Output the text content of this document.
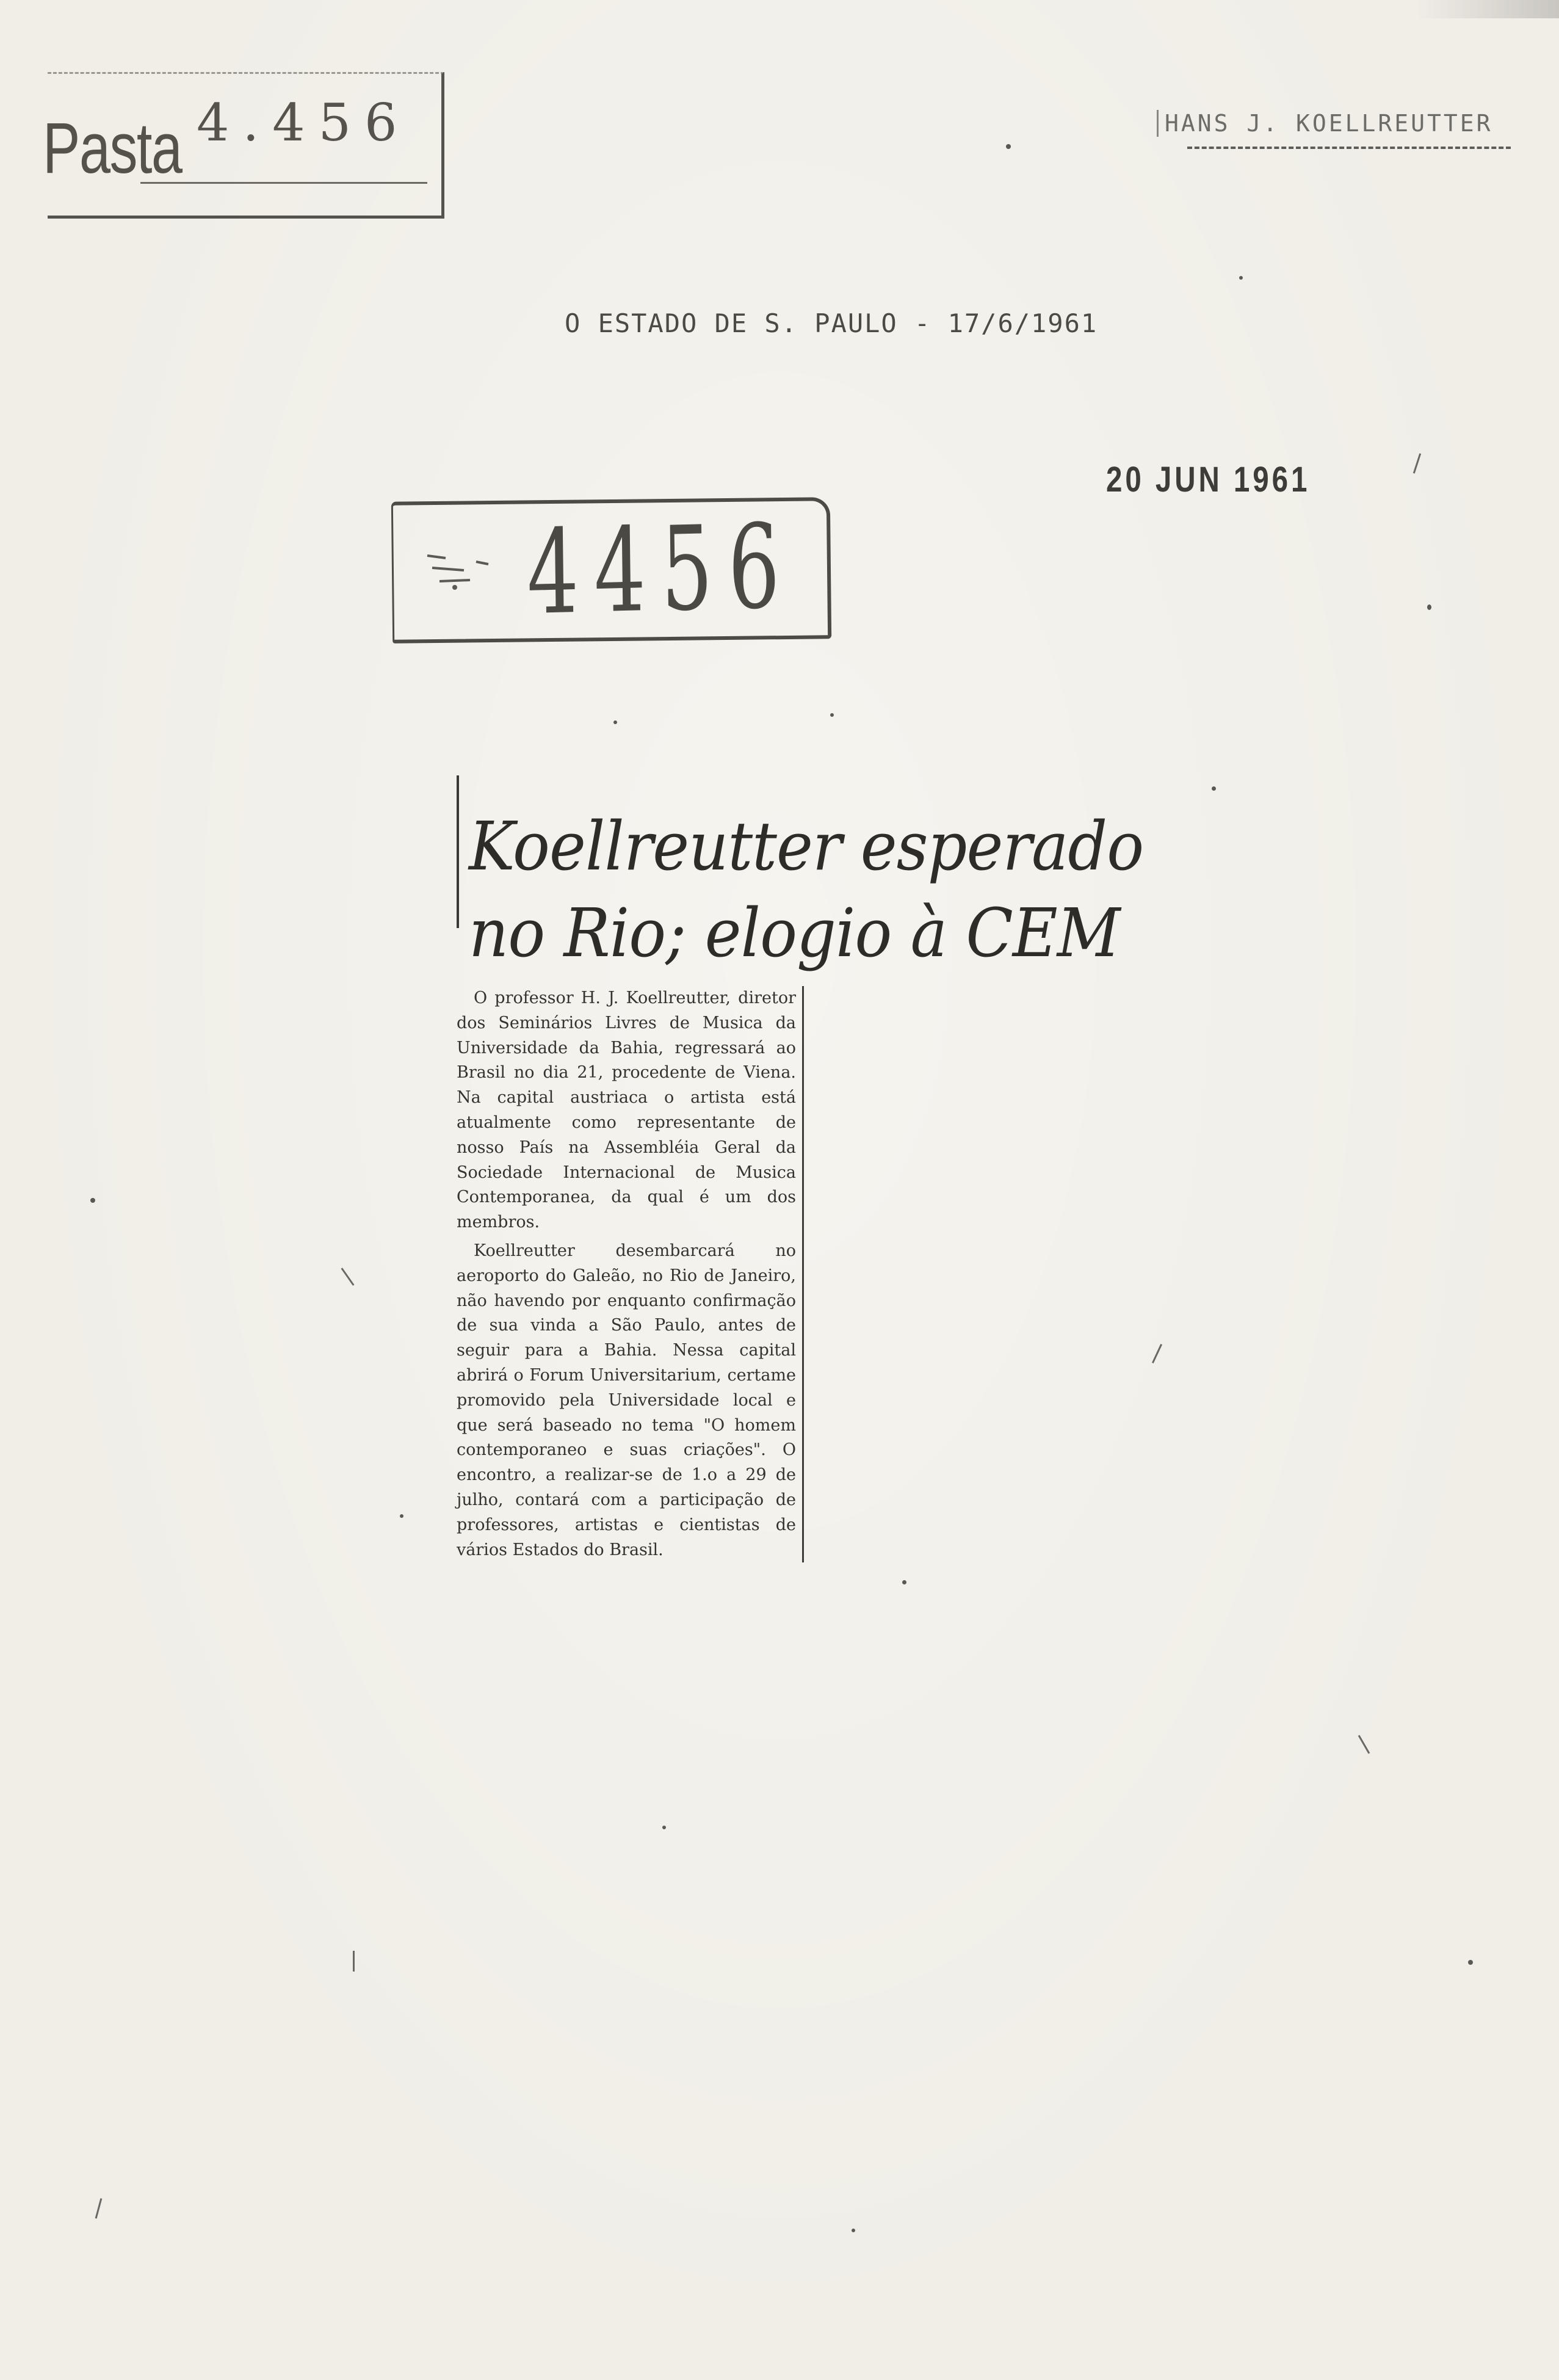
Pasta 4.456	HANS J. KOELLREUTTER
O ESTADO DE S. PAULO - 17/6/1961
20 JUN 1961
4456
Koellreutter esperado
no Rio; elogio à CEM

O professor H. J. Koellreutter, diretor dos Seminários Livres de Musica da Universidade da Bahia, regressará ao Brasil no dia 21, procedente de Viena. Na capital austriaca o artista está atualmente como representante de nosso País na Assembléia Geral da Sociedade Internacional de Musica Contemporanea, da qual é um dos membros.

Koellreutter desembarcará no aeroporto do Galeão, no Rio de Janeiro, não havendo por enquanto confirmação de sua vinda a São Paulo, antes de seguir para a Bahia. Nessa capital abrirá o Forum Universitarium, certame promovido pela Universidade local e que será baseado no tema "O homem contemporaneo e suas criações". O encontro, a realizar-se de 1.o a 29 de julho, contará com a participação de professores, artistas e cientistas de vários Estados do Brasil.
